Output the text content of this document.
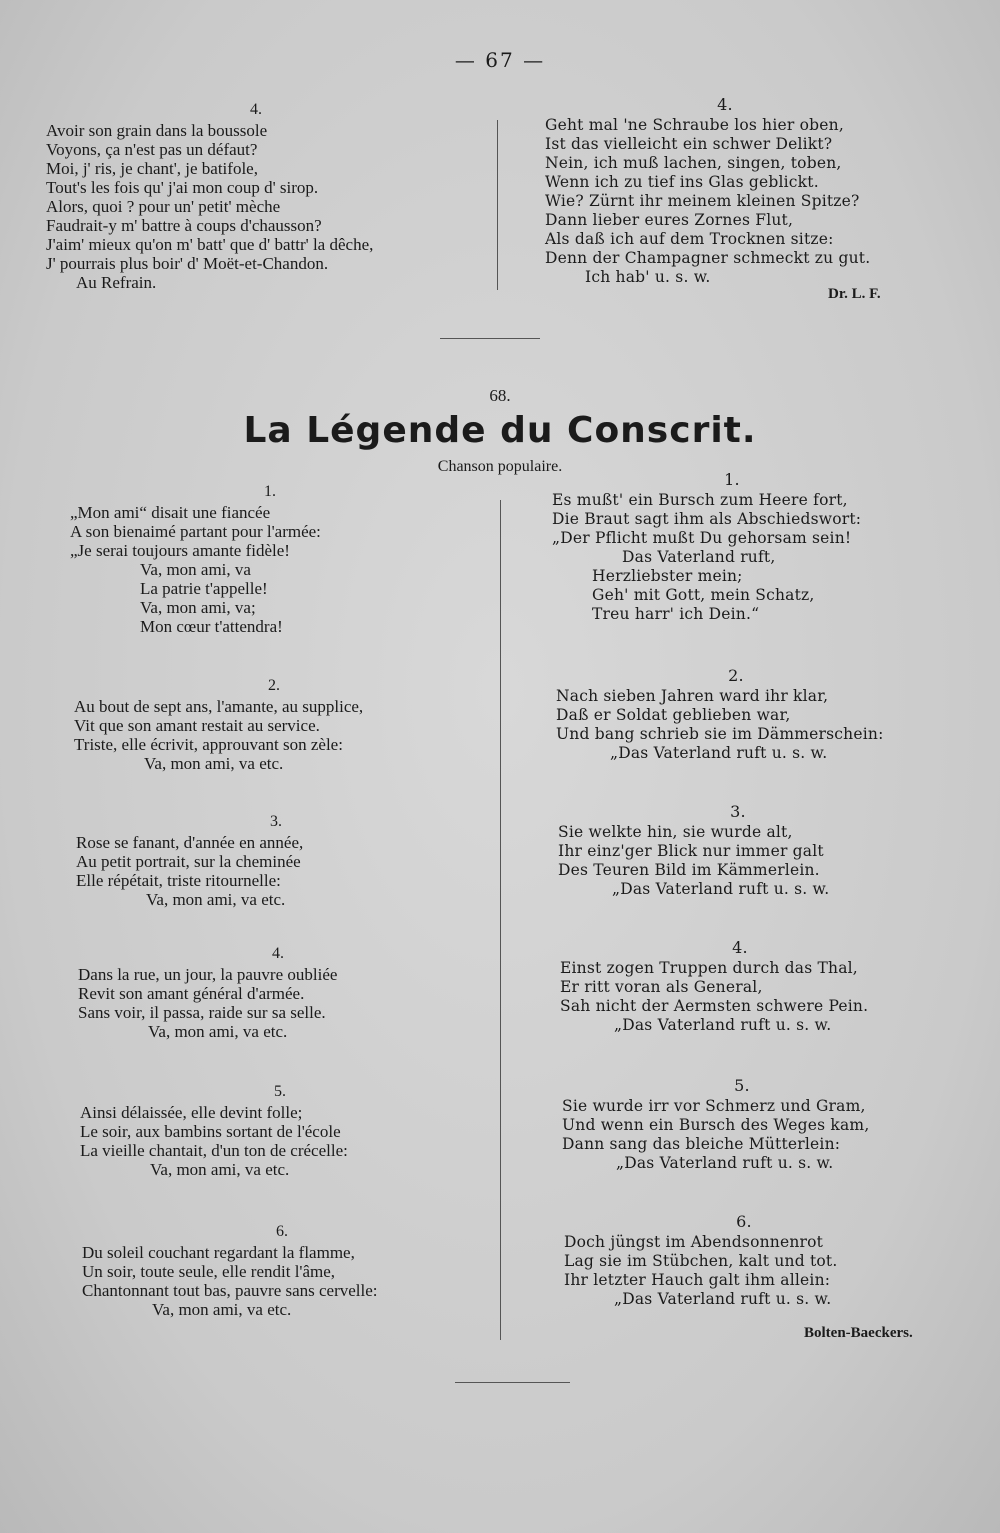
— 67 —
4.
Avoir son grain dans la boussole
Voyons, ça n'est pas un défaut?
Moi, j' ris, je chant', je batifole,
Tout's les fois qu' j'ai mon coup d' sirop.
Alors, quoi ? pour un' petit' mèche
Faudrait-y m' battre à coups d'chausson?
J'aim' mieux qu'on m' batt' que d' battr' la dêche,
J' pourrais plus boir' d' Moët-et-Chandon.
Au Refrain.
4.
Geht mal 'ne Schraube los hier oben,
Ist das vielleicht ein schwer Delikt?
Nein, ich muß lachen, singen, toben,
Wenn ich zu tief ins Glas geblickt.
Wie? Zürnt ihr meinem kleinen Spitze?
Dann lieber eures Zornes Flut,
Als daß ich auf dem Trocknen sitze:
Denn der Champagner schmeckt zu gut.
Ich hab' u. s. w.
Dr. L. F.
68.
La Légende du Conscrit.
Chanson populaire.
1.
„Mon ami“ disait une fiancée
A son bienaimé partant pour l'armée:
„Je serai toujours amante fidèle!
Va, mon ami, va
La patrie t'appelle!
Va, mon ami, va;
Mon cœur t'attendra!
2.
Au bout de sept ans, l'amante, au supplice,
Vit que son amant restait au service.
Triste, elle écrivit, approuvant son zèle:
Va, mon ami, va etc.
3.
Rose se fanant, d'année en année,
Au petit portrait, sur la cheminée
Elle répétait, triste ritournelle:
Va, mon ami, va etc.
4.
Dans la rue, un jour, la pauvre oubliée
Revit son amant général d'armée.
Sans voir, il passa, raide sur sa selle.
Va, mon ami, va etc.
5.
Ainsi délaissée, elle devint folle;
Le soir, aux bambins sortant de l'école
La vieille chantait, d'un ton de crécelle:
Va, mon ami, va etc.
6.
Du soleil couchant regardant la flamme,
Un soir, toute seule, elle rendit l'âme,
Chantonnant tout bas, pauvre sans cervelle:
Va, mon ami, va etc.
1.
Es mußt' ein Bursch zum Heere fort,
Die Braut sagt ihm als Abschiedswort:
„Der Pflicht mußt Du gehorsam sein!
Das Vaterland ruft,
Herzliebster mein;
Geh' mit Gott, mein Schatz,
Treu harr' ich Dein.“
2.
Nach sieben Jahren ward ihr klar,
Daß er Soldat geblieben war,
Und bang schrieb sie im Dämmerschein:
„Das Vaterland ruft u. s. w.
3.
Sie welkte hin, sie wurde alt,
Ihr einz'ger Blick nur immer galt
Des Teuren Bild im Kämmerlein.
„Das Vaterland ruft u. s. w.
4.
Einst zogen Truppen durch das Thal,
Er ritt voran als General,
Sah nicht der Aermsten schwere Pein.
„Das Vaterland ruft u. s. w.
5.
Sie wurde irr vor Schmerz und Gram,
Und wenn ein Bursch des Weges kam,
Dann sang das bleiche Mütterlein:
„Das Vaterland ruft u. s. w.
6.
Doch jüngst im Abendsonnenrot
Lag sie im Stübchen, kalt und tot.
Ihr letzter Hauch galt ihm allein:
„Das Vaterland ruft u. s. w.
Bolten-Baeckers.
